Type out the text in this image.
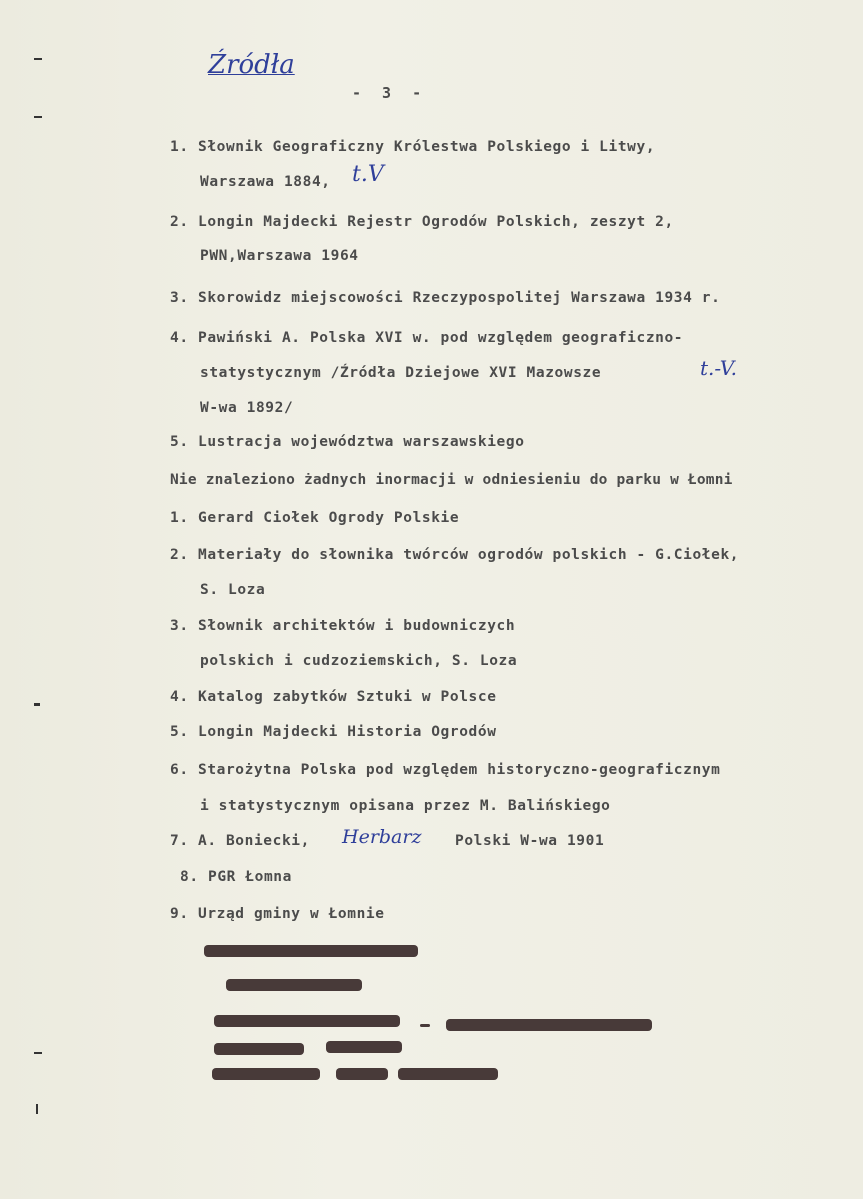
Źródła
- 3 -
1. Słownik Geograficzny Królestwa Polskiego i Litwy,
Warszawa 1884, t.V
2. Longin Majdecki Rejestr Ogrodów Polskich, zeszyt 2,
PWN,Warszawa 1964
3. Skorowidz miejscowości Rzeczypospolitej Warszawa 1934 r.
4. Pawiński A. Polska XVI w. pod względem geograficzno-
statystycznym /Źródła Dziejowe XVI Mazowsze	t.-V.
W-wa 1892/
5. Lustracja województwa warszawskiego
Nie znaleziono żadnych inormacji w odniesieniu do parku w Łomni
1. Gerard Ciołek Ogrody Polskie
2. Materiały do słownika twórców ogrodów polskich - G.Ciołek,
S. Loza
3. Słownik architektów i budowniczych
polskich i cudzoziemskich, S. Loza
4. Katalog zabytków Sztuki w Polsce
5. Longin Majdecki Historia Ogrodów
6. Starożytna Polska pod względem historyczno-geograficznym
i statystycznym opisana przez M. Balińskiego
7. A. Boniecki, Herbarz Polski W-wa 1901
8. PGR Łomna
9. Urząd gminy w Łomnie
